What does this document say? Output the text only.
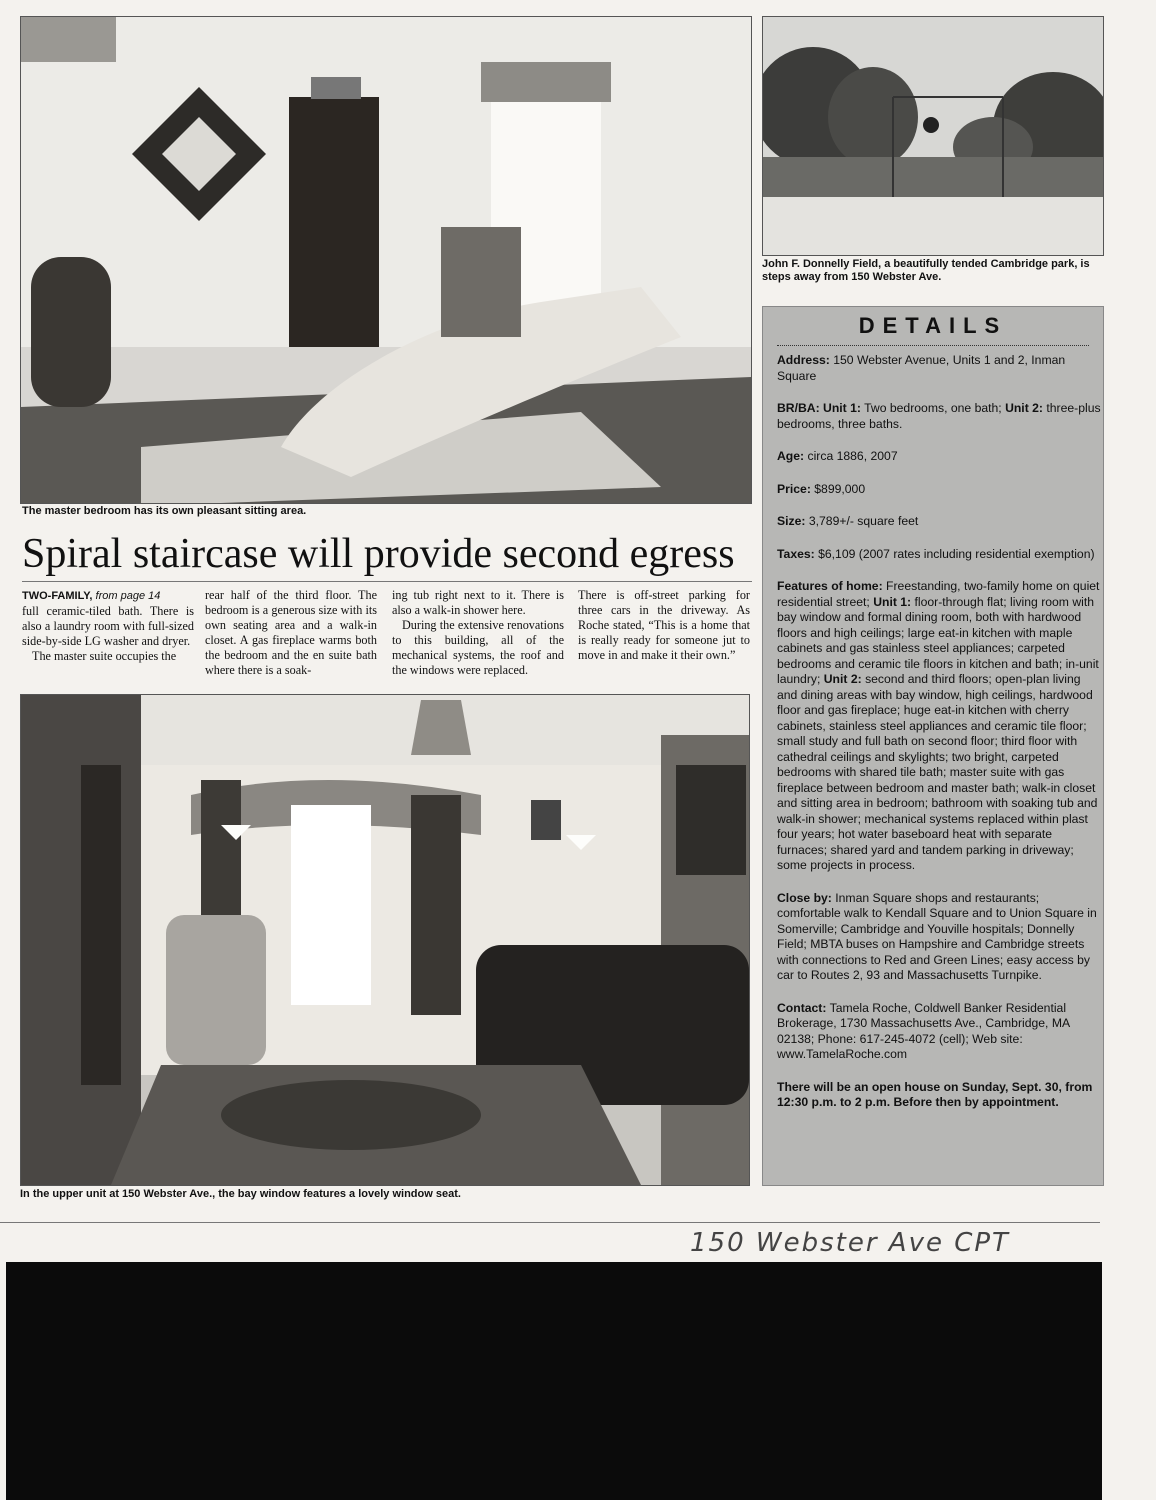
The master bedroom has its own pleasant sitting area.
John F. Donnelly Field, a beautifully tended Cambridge park, is steps away from 150 Webster Ave.
Spiral staircase will provide second egress

TWO-FAMILY, from page 14
full ceramic-tiled bath. There is also a laundry room with full-sized side-by-side LG washer and dryer.

The master suite occupies the

rear half of the third floor. The bedroom is a generous size with its own seating area and a walk-in closet. A gas fireplace warms both the bedroom and the en suite bath where there is a soak-

ing tub right next to it. There is also a walk-in shower here.

During the extensive renovations to this building, all of the mechanical systems, the roof and the windows were replaced.

There is off-street parking for three cars in the driveway. As Roche stated, “This is a home that is really ready for someone jut to move in and make it their own.”

In the upper unit at 150 Webster Ave., the bay window features a lovely window seat.
DETAILS

Address: 150 Webster Avenue, Units 1 and 2, Inman Square

BR/BA: Unit 1: Two bedrooms, one bath; Unit 2: three-plus bedrooms, three baths.

Age: circa 1886, 2007

Price: $899,000

Size: 3,789+/- square feet

Taxes: $6,109 (2007 rates including residential exemption)

Features of home: Freestanding, two-family home on quiet residential street; Unit 1: floor-through flat; living room with bay window and formal dining room, both with hardwood floors and high ceilings; large eat-in kitchen with maple cabinets and gas stainless steel appliances; carpeted bedrooms and ceramic tile floors in kitchen and bath; in-unit laundry; Unit 2: second and third floors; open-plan living and dining areas with bay window, high ceilings, hardwood floor and gas fireplace; huge eat-in kitchen with cherry cabinets, stainless steel appliances and ceramic tile floor; small study and full bath on second floor; third floor with cathedral ceilings and skylights; two bright, carpeted bedrooms with shared tile bath; master suite with gas fireplace between bedroom and master bath; walk-in closet and sitting area in bedroom; bathroom with soaking tub and walk-in shower; mechanical systems replaced within plast four years; hot water baseboard heat with separate furnaces; shared yard and tandem parking in driveway; some projects in process.

Close by: Inman Square shops and restaurants; comfortable walk to Kendall Square and to Union Square in Somerville; Cambridge and Youville hospitals; Donnelly Field; MBTA buses on Hampshire and Cambridge streets with connections to Red and Green Lines; easy access by car to Routes 2, 93 and Massachusetts Turnpike.

Contact: Tamela Roche, Coldwell Banker Residential Brokerage, 1730 Massachusetts Ave., Cambridge, MA 02138; Phone: 617-245-4072 (cell); Web site: www.TamelaRoche.com

There will be an open house on Sunday, Sept. 30, from 12:30 p.m. to 2 p.m. Before then by appointment.

150 Webster Ave CPT
